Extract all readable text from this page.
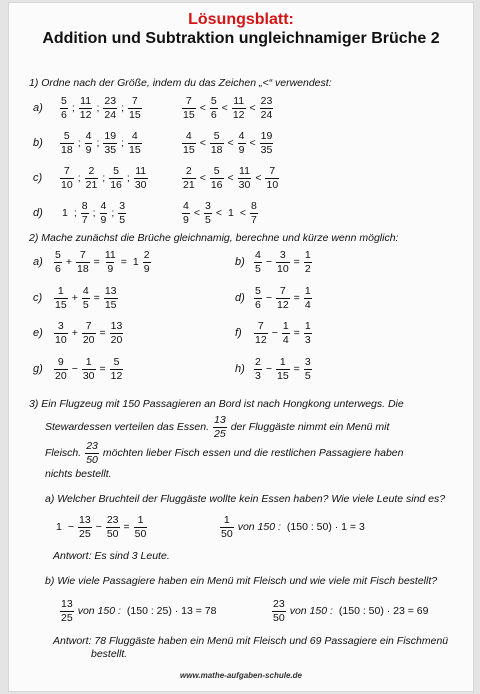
Lösungsblatt:
Addition und Subtraktion ungleichnamiger Brüche 2
1) Ordne nach der Größe, indem du das Zeichen „<“ verwendest:
$a) \frac{5}{6}$ ; $\frac{11}{12}$ ; $\frac{23}{24}$ ; $\frac{7}{15}$	$\frac{7}{15} < \frac{5}{6} < \frac{11}{12} < \frac{23}{24}$
$b) \frac{5}{18}$ ; $\frac{4}{9}$ ; $\frac{19}{35}$ ; $\frac{4}{15}$	$\frac{4}{15} < \frac{5}{18} < \frac{4}{9} < \frac{19}{35}$
$c) \frac{7}{10}$ ; $\frac{2}{21}$ ; $\frac{5}{16}$ ; $\frac{11}{30}$	$\frac{2}{21} < \frac{5}{16} < \frac{11}{30} < \frac{7}{10}$
d) 1 ; $\frac{8}{7}$ ; $\frac{4}{9}$ ; $\frac{3}{5}$	$\frac{4}{9} < \frac{3}{5} < 1 < \frac{8}{7}$
2) Mache zunächst die Brüche gleichnamig, berechne und kürze wenn möglich:
$a) \frac{5}{6} + \frac{7}{18} = \frac{11}{9} = 1 \frac{2}{9}$	$b) \frac{4}{5} - \frac{3}{10} = \frac{1}{2}$
$c) \frac{1}{15} + \frac{4}{5} = \frac{13}{15}$	$d) \frac{5}{6} - \frac{7}{12} = \frac{1}{4}$
$e) \frac{3}{10} + \frac{7}{20} = \frac{13}{20}$	$f) \frac{7}{12} - \frac{1}{4} = \frac{1}{3}$
$g) \frac{9}{20} - \frac{1}{30} = \frac{5}{12}$	$h) \frac{2}{3} - \frac{1}{15} = \frac{3}{5}$
3) Ein Flugzeug mit 150 Passagieren an Bord ist nach Hongkong unterwegs. Die
Stewardessen verteilen das Essen.
13
25
der Fluggäste nimmt ein Menü mit
Fleisch.
23
50
möchten lieber Fisch essen und die restlichen Passagiere haben
nichts bestellt.
a) Welcher Bruchteil der Fluggäste wollte kein Essen haben? Wie viele Leute sind es?
$1 - \frac{13}{25} - \frac{23}{50} = \frac{1}{50}$	$\frac{1}{50}$ von 150 : (150 : 50) · 1 = 3
Antwort: Es sind 3 Leute.
b) Wie viele Passagiere haben ein Menü mit Fleisch und wie viele mit Fisch bestellt?
$\frac{13}{25}$ von 150 : (150 : 25) · 13 = 78	$\frac{23}{50}$ von 150 : (150 : 50) · 23 = 69
Antwort: 78 Fluggäste haben ein Menü mit Fleisch und 69 Passagiere ein Fischmenü
bestellt.
www.mathe-aufgaben-schule.de
